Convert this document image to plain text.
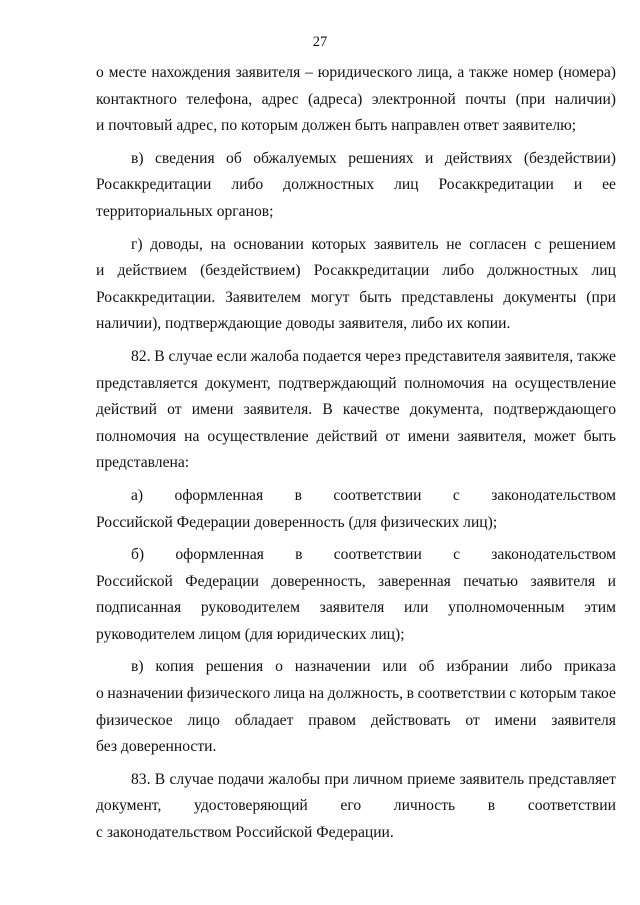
27
о месте нахождения заявителя – юридического лица, а также номер (номера)
контактного телефона, адрес (адреса) электронной почты (при наличии)
и почтовый адрес, по которым должен быть направлен ответ заявителю;
в) сведения об обжалуемых решениях и действиях (бездействии)
Росаккредитации либо должностных лиц Росаккредитации и ее
территориальных органов;
г) доводы, на основании которых заявитель не согласен с решением
и действием (бездействием) Росаккредитации либо должностных лиц
Росаккредитации. Заявителем могут быть представлены документы (при
наличии), подтверждающие доводы заявителя, либо их копии.
82. В случае если жалоба подается через представителя заявителя, также
представляется документ, подтверждающий полномочия на осуществление
действий от имени заявителя. В качестве документа, подтверждающего
полномочия на осуществление действий от имени заявителя, может быть
представлена:
а) оформленная в соответствии с законодательством
Российской Федерации доверенность (для физических лиц);
б) оформленная в соответствии с законодательством
Российской Федерации доверенность, заверенная печатью заявителя и
подписанная руководителем заявителя или уполномоченным этим
руководителем лицом (для юридических лиц);
в) копия решения о назначении или об избрании либо приказа
о назначении физического лица на должность, в соответствии с которым такое
физическое лицо обладает правом действовать от имени заявителя
без доверенности.
83. В случае подачи жалобы при личном приеме заявитель представляет
документ, удостоверяющий его личность в соответствии
с законодательством Российской Федерации.
